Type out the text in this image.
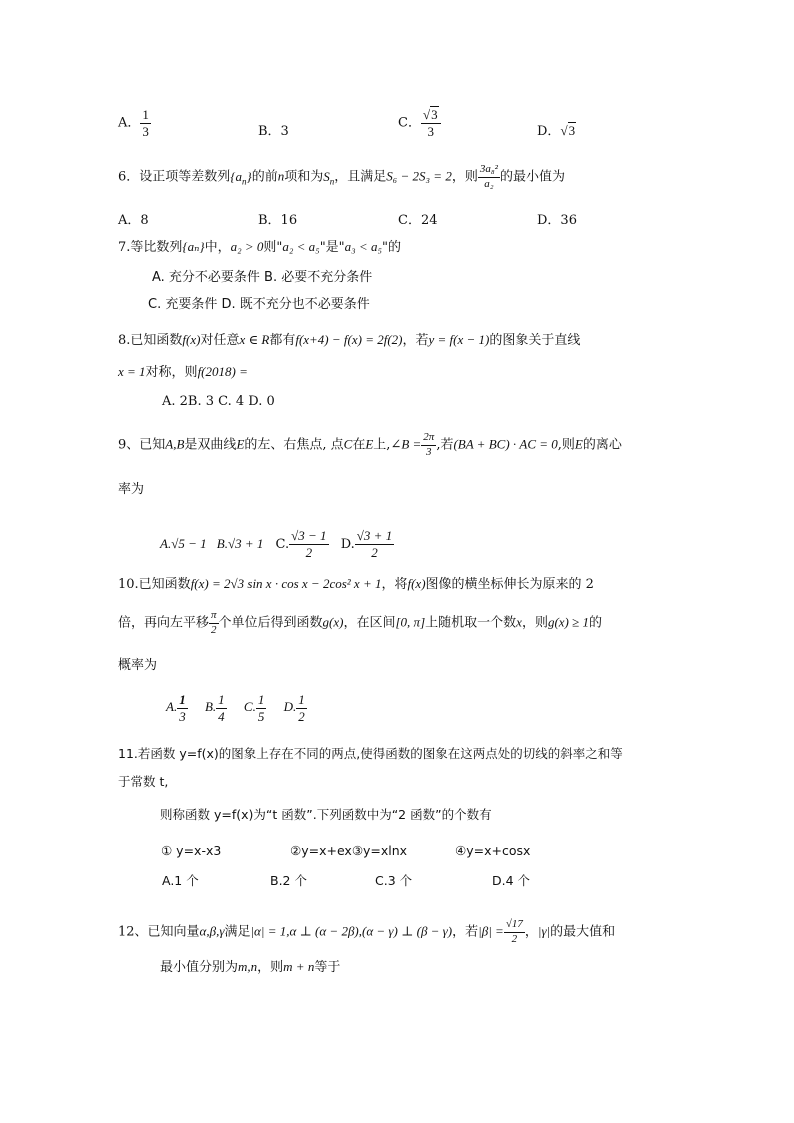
A． $\frac{1}{3}$	B．3
C． $\frac{√3}{3}$	D．√3
6．设正项等差数列$\{a_n\}$的前n项和为$S_n$，且满足S₆ − 2S₃ = 2，则 $\frac{\text{3a₈²}}{\text{a₂}}$ 的最小值为
A．8	B．16	C．24	D．36
7.等比数列{aₙ}中，a₂ > 0则"a₂ < a₅"是"a₃ < a₅"的
A. 充分不必要条件 B. 必要不充分条件
C. 充要条件 D. 既不充分也不必要条件
8.已知函数f(x)对任意x ∈ R都有f(x+4) − f(x) = 2f(2)，若y = f(x − 1)的图象关于直线
x = 1对称，则f(2018) =
A. 2B. 3 C. 4 D. 0
9、已知A,B是双曲线E的左、右焦点, 点C在E上,∠B = $\frac{2\pi}{3}$ ,若(BA + BC) · AC = 0,则E的离心
率为
A.√5 − 1 B.√3 + 1 C. $\frac{√3 - 1}{2} D$. $\frac{√3 + 1}{2}$
10.已知函数f(x) = 2√3 sin x · cos x − 2cos² x + 1，将f(x)图像的横坐标伸长为原来的 2
倍，再向左平移 $\frac{\pi}{2}$ 个单位后得到函数g(x)，在区间[0, π]上随机取一个数x，则g(x) ≥ 1的
概率为
A. $\frac{1}{3} B$. $\frac{1}{4} C$. $\frac{1}{5} D$. $\frac{1}{2}$
11.若函数 y=f(x)的图象上存在不同的两点,使得函数的图象在这两点处的切线的斜率之和等
于常数 t,
则称函数 y=f(x)为“t 函数”.下列函数中为“2 函数”的个数有
① y=x-x3	②y=x+ex③y=xlnx	④y=x+cosx
A.1 个	B.2 个	C.3 个	D.4 个
12、已知向量α,β,γ满足|α| = 1,α ⊥ (α − 2β),(α − γ) ⊥ (β − γ)，若$|\beta| = \frac{√17}{2}$ ，|γ|的最大值和
最小值分别为m,n，则m + n等于
